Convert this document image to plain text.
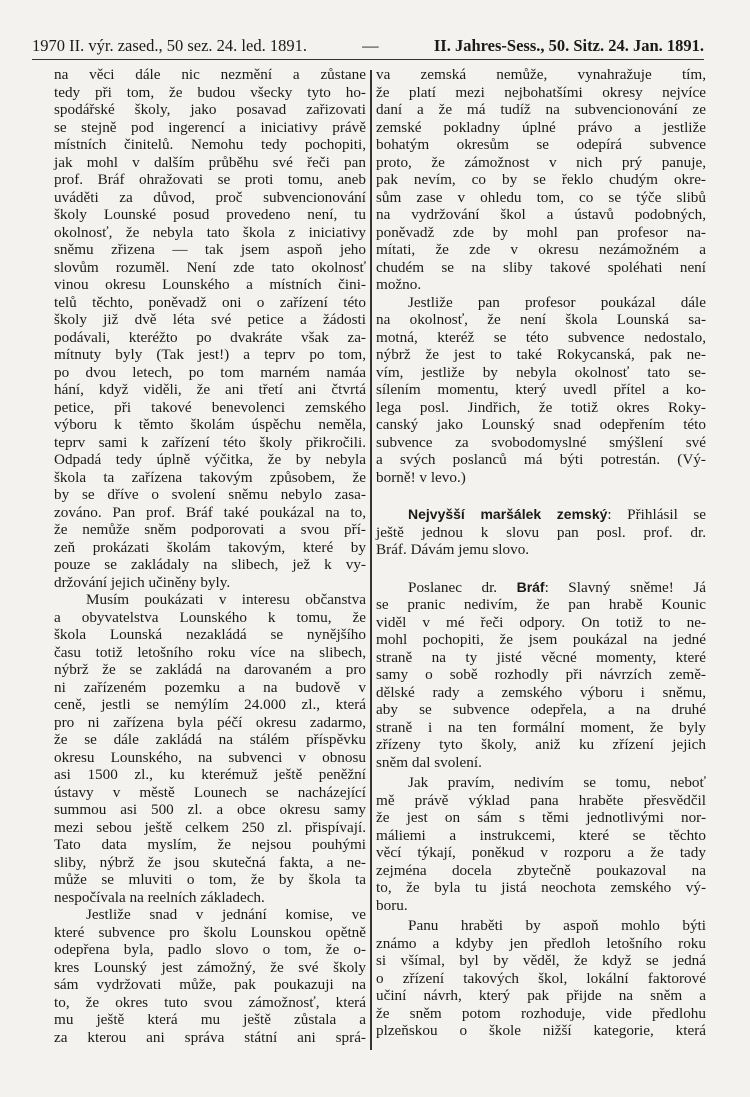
1970 II. výr. zased., 50 sez. 24. led. 1891.	—	II. Jahres-Sess., 50. Sitz. 24. Jan. 1891.
na věci dále nic nezmění a zůstane
tedy při tom, že budou všecky tyto ho-
spodářské školy, jako posavad zařizovati
se stejně pod ingerencí a iniciativy právě
místních činitelů. Nemohu tedy pochopiti,
jak mohl v dalším průběhu své řeči pan
prof. Bráf ohražovati se proti tomu, aneb
uváděti za důvod, proč subvencionování
školy Lounské posud provedeno není, tu
okolnosť, že nebyla tato škola z iniciativy
sněmu zřizena — tak jsem aspoň jeho
slovům rozuměl. Není zde tato okolnosť
vinou okresu Lounského a místních čini-
telů těchto, poněvadž oni o zařízení této
školy již dvě léta své petice a žádosti
podávali, kteréžto po dvakráte však za-
mítnuty byly (Tak jest!) a teprv po tom,
po dvou letech, po tom marném namáa
hání, když viděli, že ani třetí ani čtvrtá
petice, při takové benevolenci zemského
výboru k těmto školám úspěchu neměla,
teprv sami k zařízení této školy přikročili.
Odpadá tedy úplně výčitka, že by nebyla
škola ta zařízena takovým způsobem, že
by se dříve o svolení sněmu nebylo zasa-
zováno. Pan prof. Bráf také poukázal na to,
že nemůže sněm podporovati a svou pří-
zeň prokázati školám takovým, které by
pouze se zakládaly na slibech, jež k vy-
držování jejich učiněny byly.
Musím poukázati v interesu občanstva
a obyvatelstva Lounského k tomu, že
škola Lounská nezakládá se nynějšího
času totiž letošního roku více na slibech,
nýbrž že se zakládá na darovaném a pro
ni zařízeném pozemku a na budově v
ceně, jestli se nemýlím 24.000 zl., která
pro ni zařízena byla péčí okresu zadarmo,
že se dále zakládá na stálém příspěvku
okresu Lounského, na subvenci v obnosu
asi 1500 zl., ku kterémuž ještě peněžní
ústavy v městě Lounech se nacházející
summou asi 500 zl. a obce okresu samy
mezi sebou ještě celkem 250 zl. přispívají.
Tato data myslím, že nejsou pouhými
sliby, nýbrž že jsou skutečná fakta, a ne-
může se mluviti o tom, že by škola ta
nespočívala na reelních základech.
Jestliže snad v jednání komise, ve
které subvence pro školu Lounskou opětně
odepřena byla, padlo slovo o tom, že o-
kres Lounský jest zámožný, že své školy
sám vydržovati může, pak poukazuji na
to, že okres tuto svou zámožnosť, která
mu ještě která mu ještě zůstala a
za kterou ani správa státní ani sprá-
va zemská nemůže, vynahražuje tím,
že platí mezi nejbohatšími okresy nejvíce
daní a že má tudíž na subvencionování ze
zemské pokladny úplné právo a jestliže
bohatým okresům se odepírá subvence
proto, že zámožnost v nich prý panuje,
pak nevím, co by se řeklo chudým okre-
sům zase v ohledu tom, co se týče slibů
na vydržování škol a ústavů podobných,
poněvadž zde by mohl pan profesor na-
mítati, že zde v okresu nezámožném a
chudém se na sliby takové spoléhati není
možno.
Jestliže pan profesor poukázal dále
na okolnosť, že není škola Lounská sa-
motná, kteréž se této subvence nedostalo,
nýbrž že jest to také Rokycanská, pak ne-
vím, jestliže by nebyla okolnosť tato se-
sílením momentu, který uvedl přítel a ko-
lega posl. Jindřich, že totiž okres Roky-
canský jako Lounský snad odepřením této
subvence za svobodomyslné smýšlení své
a svých poslanců má býti potrestán. (Vý-
borně! v levo.)
Nejvyšší maršálek zemský: Přihlásil se
ještě jednou k slovu pan posl. prof. dr.
Bráf. Dávám jemu slovo.
Poslanec dr. Bráf: Slavný sněme! Já
se pranic nedivím, že pan hrabě Kounic
viděl v mé řeči odpory. On totiž to ne-
mohl pochopiti, že jsem poukázal na jedné
straně na ty jisté věcné momenty, které
samy o sobě rozhodly při návrzích země-
dělské rady a zemského výboru i sněmu,
aby se subvence odepřela, a na druhé
straně i na ten formální moment, že byly
zřízeny tyto školy, aniž ku zřízení jejich
sněm dal svolení.
Jak pravím, nedivím se tomu, neboť
mě právě výklad pana hraběte přesvědčil
že jest on sám s těmi jednotlivými nor-
máliemi a instrukcemi, které se těchto
věcí týkají, poněkud v rozporu a že tady
zejména docela zbytečně poukazoval na
to, že byla tu jistá neochota zemského vý-
boru.
Panu hraběti by aspoň mohlo býti
známo a kdyby jen předloh letošního roku
si všímal, byl by věděl, že když se jedná
o zřízení takových škol, lokální faktorové
učiní návrh, který pak přijde na sněm a
že sněm potom rozhoduje, vide předlohu
plzeňskou o škole nižší kategorie, která
